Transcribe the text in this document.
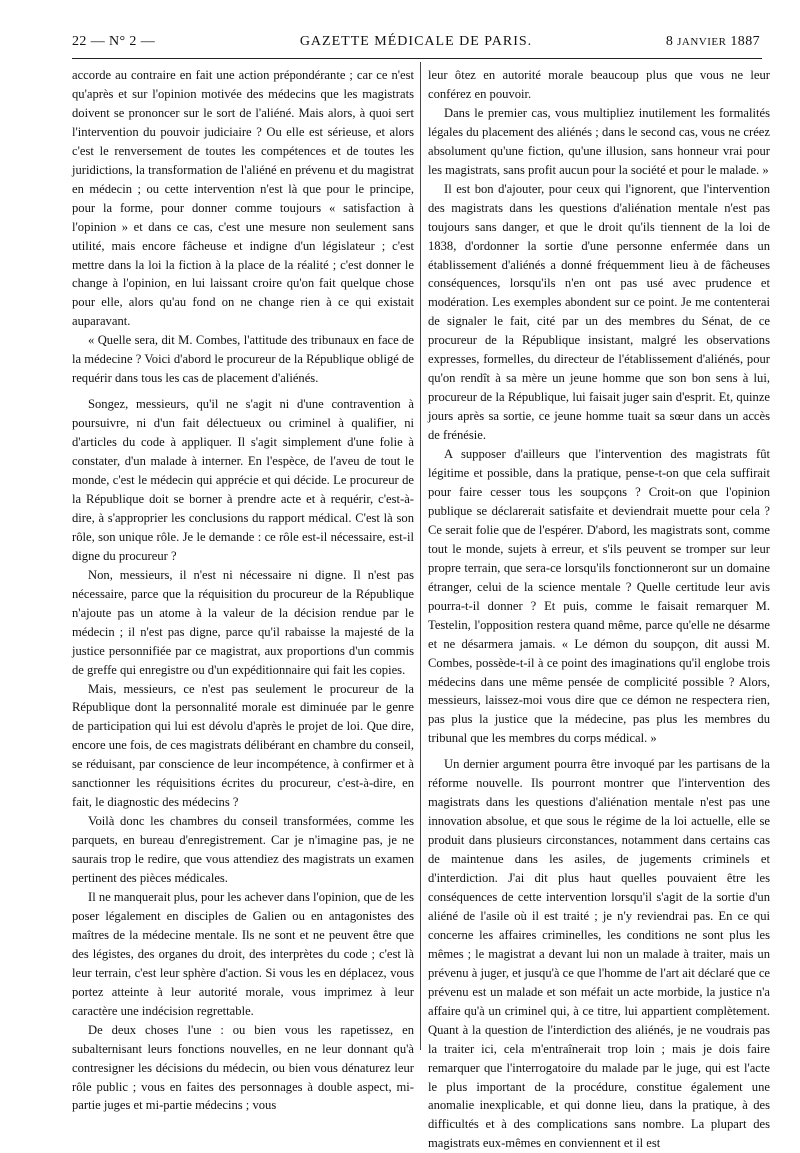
22 — N° 2 —	GAZETTE MÉDICALE DE PARIS.	8 JANVIER 1887

accorde au contraire en fait une action prépondérante ; car ce n'est qu'après et sur l'opinion motivée des médecins que les magistrats doivent se prononcer sur le sort de l'aliéné. Mais alors, à quoi sert l'intervention du pouvoir judiciaire ? Ou elle est sérieuse, et alors c'est le renversement de toutes les compétences et de toutes les juridictions, la transformation de l'aliéné en prévenu et du magistrat en médecin ; ou cette intervention n'est là que pour le principe, pour la forme, pour donner comme toujours « satisfaction à l'opinion » et dans ce cas, c'est une mesure non seulement sans utilité, mais encore fâcheuse et indigne d'un législateur ; c'est mettre dans la loi la fiction à la place de la réalité ; c'est donner le change à l'opinion, en lui laissant croire qu'on fait quelque chose pour elle, alors qu'au fond on ne change rien à ce qui existait auparavant.

« Quelle sera, dit M. Combes, l'attitude des tribunaux en face de la médecine ? Voici d'abord le procureur de la République obligé de requérir dans tous les cas de placement d'aliénés.

Songez, messieurs, qu'il ne s'agit ni d'une contravention à poursuivre, ni d'un fait délectueux ou criminel à qualifier, ni d'articles du code à appliquer. Il s'agit simplement d'une folie à constater, d'un malade à interner. En l'espèce, de l'aveu de tout le monde, c'est le médecin qui apprécie et qui décide. Le procureur de la République doit se borner à prendre acte et à requérir, c'est-à-dire, à s'approprier les conclusions du rapport médical. C'est là son rôle, son unique rôle. Je le demande : ce rôle est-il nécessaire, est-il digne du procureur ?

Non, messieurs, il n'est ni nécessaire ni digne. Il n'est pas nécessaire, parce que la réquisition du procureur de la République n'ajoute pas un atome à la valeur de la décision rendue par le médecin ; il n'est pas digne, parce qu'il rabaisse la majesté de la justice personnifiée par ce magistrat, aux proportions d'un commis de greffe qui enregistre ou d'un expéditionnaire qui fait les copies.

Mais, messieurs, ce n'est pas seulement le procureur de la République dont la personnalité morale est diminuée par le genre de participation qui lui est dévolu d'après le projet de loi. Que dire, encore une fois, de ces magistrats délibérant en chambre du conseil, se réduisant, par conscience de leur incompétence, à confirmer et à sanctionner les réquisitions écrites du procureur, c'est-à-dire, en fait, le diagnostic des médecins ?

Voilà donc les chambres du conseil transformées, comme les parquets, en bureau d'enregistrement. Car je n'imagine pas, je ne saurais trop le redire, que vous attendiez des magistrats un examen pertinent des pièces médicales.

Il ne manquerait plus, pour les achever dans l'opinion, que de les poser légalement en disciples de Galien ou en antagonistes des maîtres de la médecine mentale. Ils ne sont et ne peuvent être que des légistes, des organes du droit, des interprètes du code ; c'est là leur terrain, c'est leur sphère d'action. Si vous les en déplacez, vous portez atteinte à leur autorité morale, vous imprimez à leur caractère une indécision regrettable.

De deux choses l'une : ou bien vous les rapetissez, en subalternisant leurs fonctions nouvelles, en ne leur donnant qu'à contresigner les décisions du médecin, ou bien vous dénaturez leur rôle public ; vous en faites des personnages à double aspect, mi-partie juges et mi-partie médecins ; vous

leur ôtez en autorité morale beaucoup plus que vous ne leur conférez en pouvoir.

Dans le premier cas, vous multipliez inutilement les formalités légales du placement des aliénés ; dans le second cas, vous ne créez absolument qu'une fiction, qu'une illusion, sans honneur vrai pour les magistrats, sans profit aucun pour la société et pour le malade. »

Il est bon d'ajouter, pour ceux qui l'ignorent, que l'intervention des magistrats dans les questions d'aliénation mentale n'est pas toujours sans danger, et que le droit qu'ils tiennent de la loi de 1838, d'ordonner la sortie d'une personne enfermée dans un établissement d'aliénés a donné fréquemment lieu à de fâcheuses conséquences, lorsqu'ils n'en ont pas usé avec prudence et modération. Les exemples abondent sur ce point. Je me contenterai de signaler le fait, cité par un des membres du Sénat, de ce procureur de la République insistant, malgré les observations expresses, formelles, du directeur de l'établissement d'aliénés, pour qu'on rendît à sa mère un jeune homme que son bon sens à lui, procureur de la République, lui faisait juger sain d'esprit. Et, quinze jours après sa sortie, ce jeune homme tuait sa sœur dans un accès de frénésie.

A supposer d'ailleurs que l'intervention des magistrats fût légitime et possible, dans la pratique, pense-t-on que cela suffirait pour faire cesser tous les soupçons ? Croit-on que l'opinion publique se déclarerait satisfaite et deviendrait muette pour cela ? Ce serait folie que de l'espérer. D'abord, les magistrats sont, comme tout le monde, sujets à erreur, et s'ils peuvent se tromper sur leur propre terrain, que sera-ce lorsqu'ils fonctionneront sur un domaine étranger, celui de la science mentale ? Quelle certitude leur avis pourra-t-il donner ? Et puis, comme le faisait remarquer M. Testelin, l'opposition restera quand même, parce qu'elle ne désarme et ne désarmera jamais. « Le démon du soupçon, dit aussi M. Combes, possède-t-il à ce point des imaginations qu'il englobe trois médecins dans une même pensée de complicité possible ? Alors, messieurs, laissez-moi vous dire que ce démon ne respectera rien, pas plus la justice que la médecine, pas plus les membres du tribunal que les membres du corps médical. »

Un dernier argument pourra être invoqué par les partisans de la réforme nouvelle. Ils pourront montrer que l'intervention des magistrats dans les questions d'aliénation mentale n'est pas une innovation absolue, et que sous le régime de la loi actuelle, elle se produit dans plusieurs circonstances, notamment dans certains cas de maintenue dans les asiles, de jugements criminels et d'interdiction. J'ai dit plus haut quelles pouvaient être les conséquences de cette intervention lorsqu'il s'agit de la sortie d'un aliéné de l'asile où il est traité ; je n'y reviendrai pas. En ce qui concerne les affaires criminelles, les conditions ne sont plus les mêmes ; le magistrat a devant lui non un malade à traiter, mais un prévenu à juger, et jusqu'à ce que l'homme de l'art ait déclaré que ce prévenu est un malade et son méfait un acte morbide, la justice n'a affaire qu'à un criminel qui, à ce titre, lui appartient complètement. Quant à la question de l'interdiction des aliénés, je ne voudrais pas la traiter ici, cela m'entraînerait trop loin ; mais je dois faire remarquer que l'interrogatoire du malade par le juge, qui est l'acte le plus important de la procédure, constitue également une anomalie inexplicable, et qui donne lieu, dans la pratique, à des difficultés et à des complications sans nombre. La plupart des magistrats eux-mêmes en conviennent et il est
